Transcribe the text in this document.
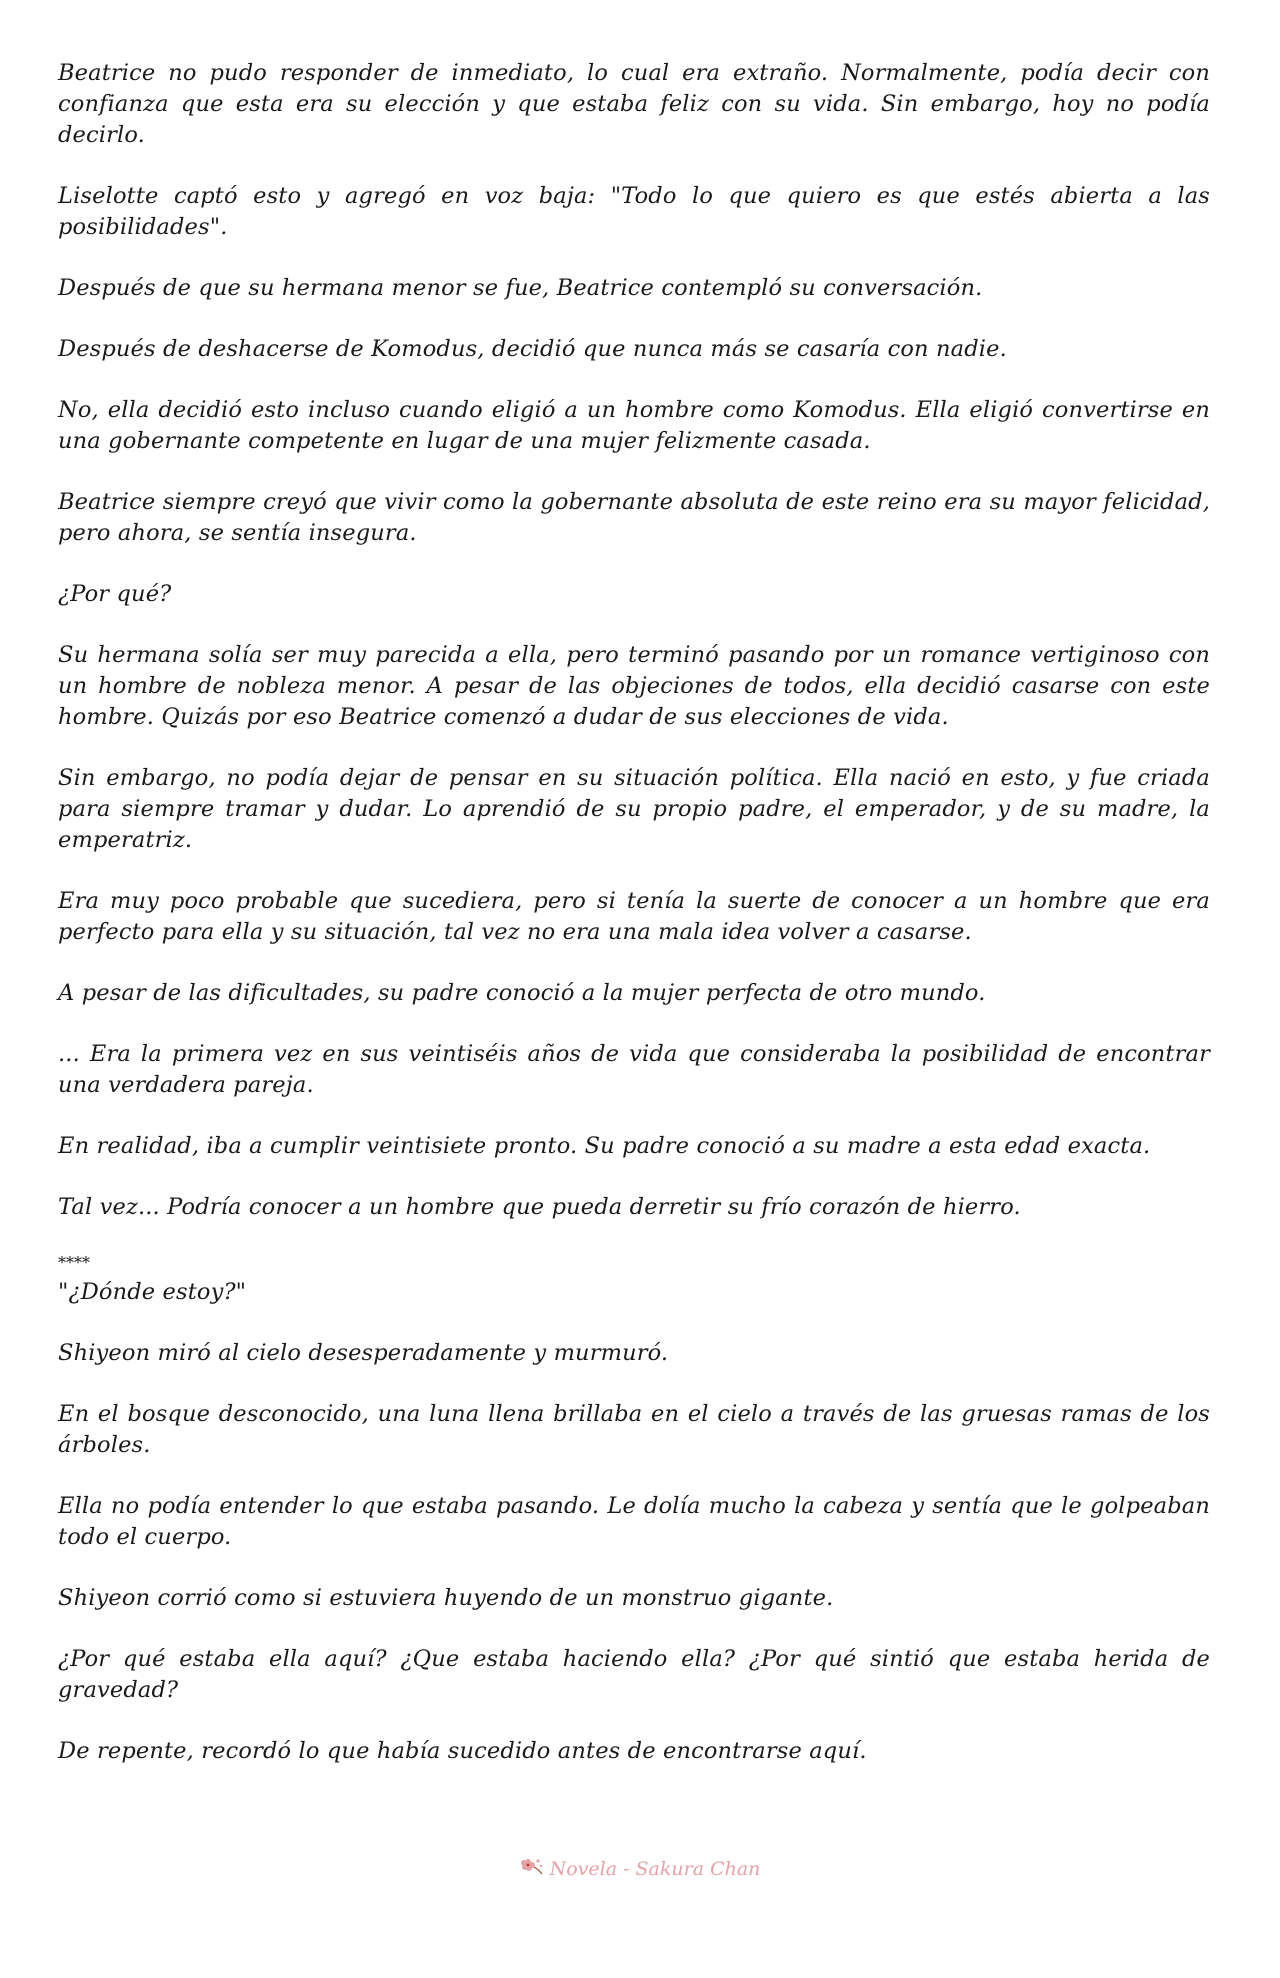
Beatrice no pudo responder de inmediato, lo cual era extraño. Normalmente, podía decir con confianza que esta era su elección y que estaba feliz con su vida. Sin embargo, hoy no podía decirlo.

Liselotte captó esto y agregó en voz baja: "Todo lo que quiero es que estés abierta a las posibilidades".

Después de que su hermana menor se fue, Beatrice contempló su conversación.

Después de deshacerse de Komodus, decidió que nunca más se casaría con nadie.

No, ella decidió esto incluso cuando eligió a un hombre como Komodus. Ella eligió convertirse en una gobernante competente en lugar de una mujer felizmente casada.

Beatrice siempre creyó que vivir como la gobernante absoluta de este reino era su mayor felicidad, pero ahora, se sentía insegura.

¿Por qué?

Su hermana solía ser muy parecida a ella, pero terminó pasando por un romance vertiginoso con un hombre de nobleza menor. A pesar de las objeciones de todos, ella decidió casarse con este hombre. Quizás por eso Beatrice comenzó a dudar de sus elecciones de vida.

Sin embargo, no podía dejar de pensar en su situación política. Ella nació en esto, y fue criada para siempre tramar y dudar. Lo aprendió de su propio padre, el emperador, y de su madre, la emperatriz.

Era muy poco probable que sucediera, pero si tenía la suerte de conocer a un hombre que era perfecto para ella y su situación, tal vez no era una mala idea volver a casarse.

A pesar de las dificultades, su padre conoció a la mujer perfecta de otro mundo.

... Era la primera vez en sus veintiséis años de vida que consideraba la posibilidad de encontrar una verdadera pareja.

En realidad, iba a cumplir veintisiete pronto. Su padre conoció a su madre a esta edad exacta.

Tal vez... Podría conocer a un hombre que pueda derretir su frío corazón de hierro.

****

"¿Dónde estoy?"

Shiyeon miró al cielo desesperadamente y murmuró.

En el bosque desconocido, una luna llena brillaba en el cielo a través de las gruesas ramas de los árboles.

Ella no podía entender lo que estaba pasando. Le dolía mucho la cabeza y sentía que le golpeaban todo el cuerpo.

Shiyeon corrió como si estuviera huyendo de un monstruo gigante.

¿Por qué estaba ella aquí? ¿Que estaba haciendo ella? ¿Por qué sintió que estaba herida de gravedad?

De repente, recordó lo que había sucedido antes de encontrarse aquí.

Novela - Sakura Chan
